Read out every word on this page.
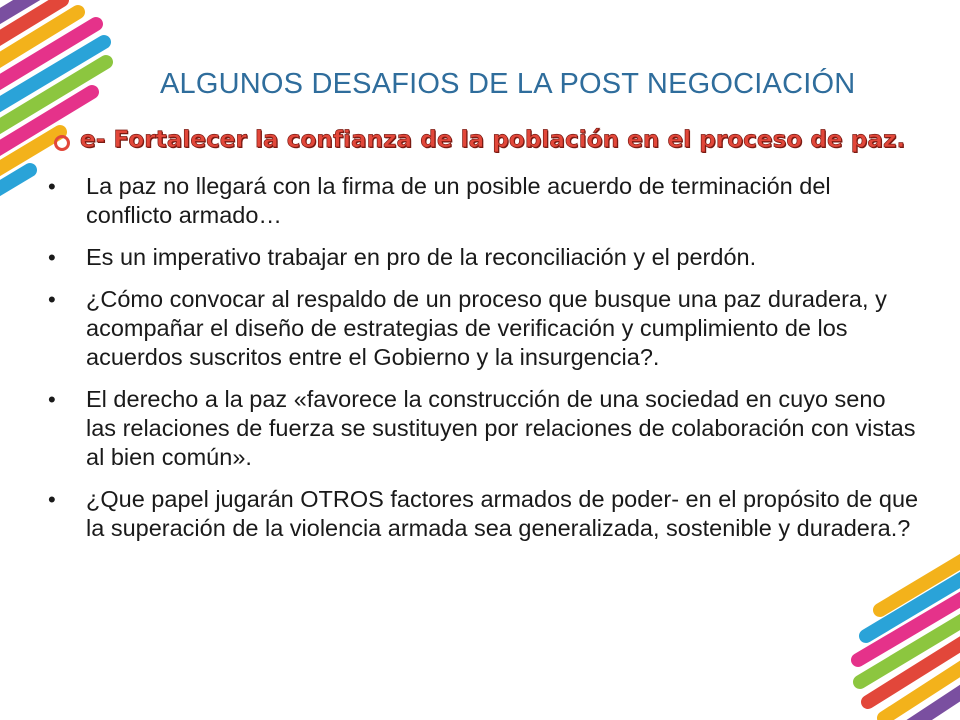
ALGUNOS DESAFIOS DE LA POST NEGOCIACIÓN
e- Fortalecer la confianza de la población en el proceso de paz.
• La paz no llegará con la firma de un posible acuerdo de terminación del conflicto armado…
• Es un imperativo trabajar en pro de la reconciliación y el perdón.
• ¿Cómo convocar al respaldo de un proceso que busque una paz duradera, y acompañar el diseño de estrategias de verificación y cumplimiento de los acuerdos suscritos entre el Gobierno y la insurgencia?.
• El derecho a la paz «favorece la construcción de una sociedad en cuyo seno las relaciones de fuerza se sustituyen por relaciones de colaboración con vistas al bien común».
• ¿Que papel jugarán OTROS factores armados de poder- en el propósito de que la superación de la violencia armada sea generalizada, sostenible y duradera.?
